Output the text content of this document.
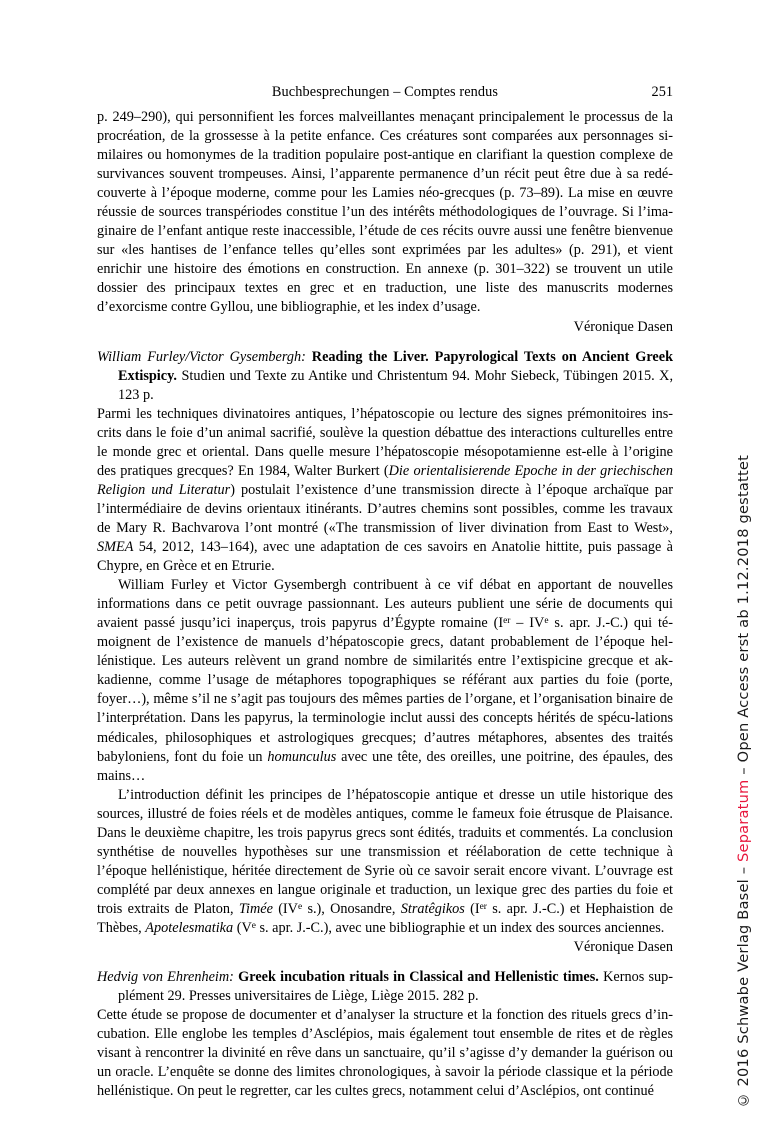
Buchbesprechungen – Comptes rendus	251

p. 249–290), qui personnifient les forces malveillantes menaçant principalement le processus de la procréation, de la grossesse à la petite enfance. Ces créatures sont comparées aux personnages si-milaires ou homonymes de la tradition populaire post-antique en clarifiant la question complexe de survivances souvent trompeuses. Ainsi, l’apparente permanence d’un récit peut être due à sa redé-couverte à l’époque moderne, comme pour les Lamies néo-grecques (p. 73–89). La mise en œuvre réussie de sources transpériodes constitue l’un des intérêts méthodologiques de l’ouvrage. Si l’ima-ginaire de l’enfant antique reste inaccessible, l’étude de ces récits ouvre aussi une fenêtre bienvenue sur «les hantises de l’enfance telles qu’elles sont exprimées par les adultes» (p. 291), et vient enrichir une histoire des émotions en construction. En annexe (p. 301–322) se trouvent un utile dossier des principaux textes en grec et en traduction, une liste des manuscrits modernes d’exorcisme contre Gyllou, une bibliographie, et les index d’usage.

Véronique Dasen

William Furley/Victor Gysembergh: Reading the Liver. Papyrological Texts on Ancient Greek Extispicy. Studien und Texte zu Antike und Christentum 94. Mohr Siebeck, Tübingen 2015. X, 123 p.

Parmi les techniques divinatoires antiques, l’hépatoscopie ou lecture des signes prémonitoires ins-crits dans le foie d’un animal sacrifié, soulève la question débattue des interactions culturelles entre le monde grec et oriental. Dans quelle mesure l’hépatoscopie mésopotamienne est-elle à l’origine des pratiques grecques? En 1984, Walter Burkert (Die orientalisierende Epoche in der griechischen Religion und Literatur) postulait l’existence d’une transmission directe à l’époque archaïque par l’intermédiaire de devins orientaux itinérants. D’autres chemins sont possibles, comme les travaux de Mary R. Bachvarova l’ont montré («The transmission of liver divination from East to West», SMEA 54, 2012, 143–164), avec une adaptation de ces savoirs en Anatolie hittite, puis passage à Chypre, en Grèce et en Etrurie.

William Furley et Victor Gysembergh contribuent à ce vif débat en apportant de nouvelles informations dans ce petit ouvrage passionnant. Les auteurs publient une série de documents qui avaient passé jusqu’ici inaperçus, trois papyrus d’Égypte romaine (Ier – IVe s. apr. J.-C.) qui té-moignent de l’existence de manuels d’hépatoscopie grecs, datant probablement de l’époque hel-lénistique. Les auteurs relèvent un grand nombre de similarités entre l’extispicine grecque et ak-kadienne, comme l’usage de métaphores topographiques se référant aux parties du foie (porte, foyer…), même s’il ne s’agit pas toujours des mêmes parties de l’organe, et l’organisation binaire de l’interprétation. Dans les papyrus, la terminologie inclut aussi des concepts hérités de spécu-lations médicales, philosophiques et astrologiques grecques; d’autres métaphores, absentes des traités babyloniens, font du foie un homunculus avec une tête, des oreilles, une poitrine, des épaules, des mains…

L’introduction définit les principes de l’hépatoscopie antique et dresse un utile historique des sources, illustré de foies réels et de modèles antiques, comme le fameux foie étrusque de Plaisance. Dans le deuxième chapitre, les trois papyrus grecs sont édités, traduits et commentés. La conclusion synthétise de nouvelles hypothèses sur une transmission et réélaboration de cette technique à l’époque hellénistique, héritée directement de Syrie où ce savoir serait encore vivant. L’ouvrage est complété par deux annexes en langue originale et traduction, un lexique grec des parties du foie et trois extraits de Platon, Timée (IVe s.), Onosandre, Stratêgikos (Ier s. apr. J.-C.) et Hephaistion de Thèbes, Apotelesmatika (Ve s. apr. J.-C.), avec une bibliographie et un index des sources anciennes.

Véronique Dasen

Hedvig von Ehrenheim: Greek incubation rituals in Classical and Hellenistic times. Kernos sup-plément 29. Presses universitaires de Liège, Liège 2015. 282 p.

Cette étude se propose de documenter et d’analyser la structure et la fonction des rituels grecs d’in-cubation. Elle englobe les temples d’Asclépios, mais également tout ensemble de rites et de règles visant à rencontrer la divinité en rêve dans un sanctuaire, qu’il s’agisse d’y demander la guérison ou un oracle. L’enquête se donne des limites chronologiques, à savoir la période classique et la période hellénistique. On peut le regretter, car les cultes grecs, notamment celui d’Asclépios, ont continué	© 2016 Schwabe Verlag Basel – Separatum – Open Access erst ab 1.12.2018 gestattet
